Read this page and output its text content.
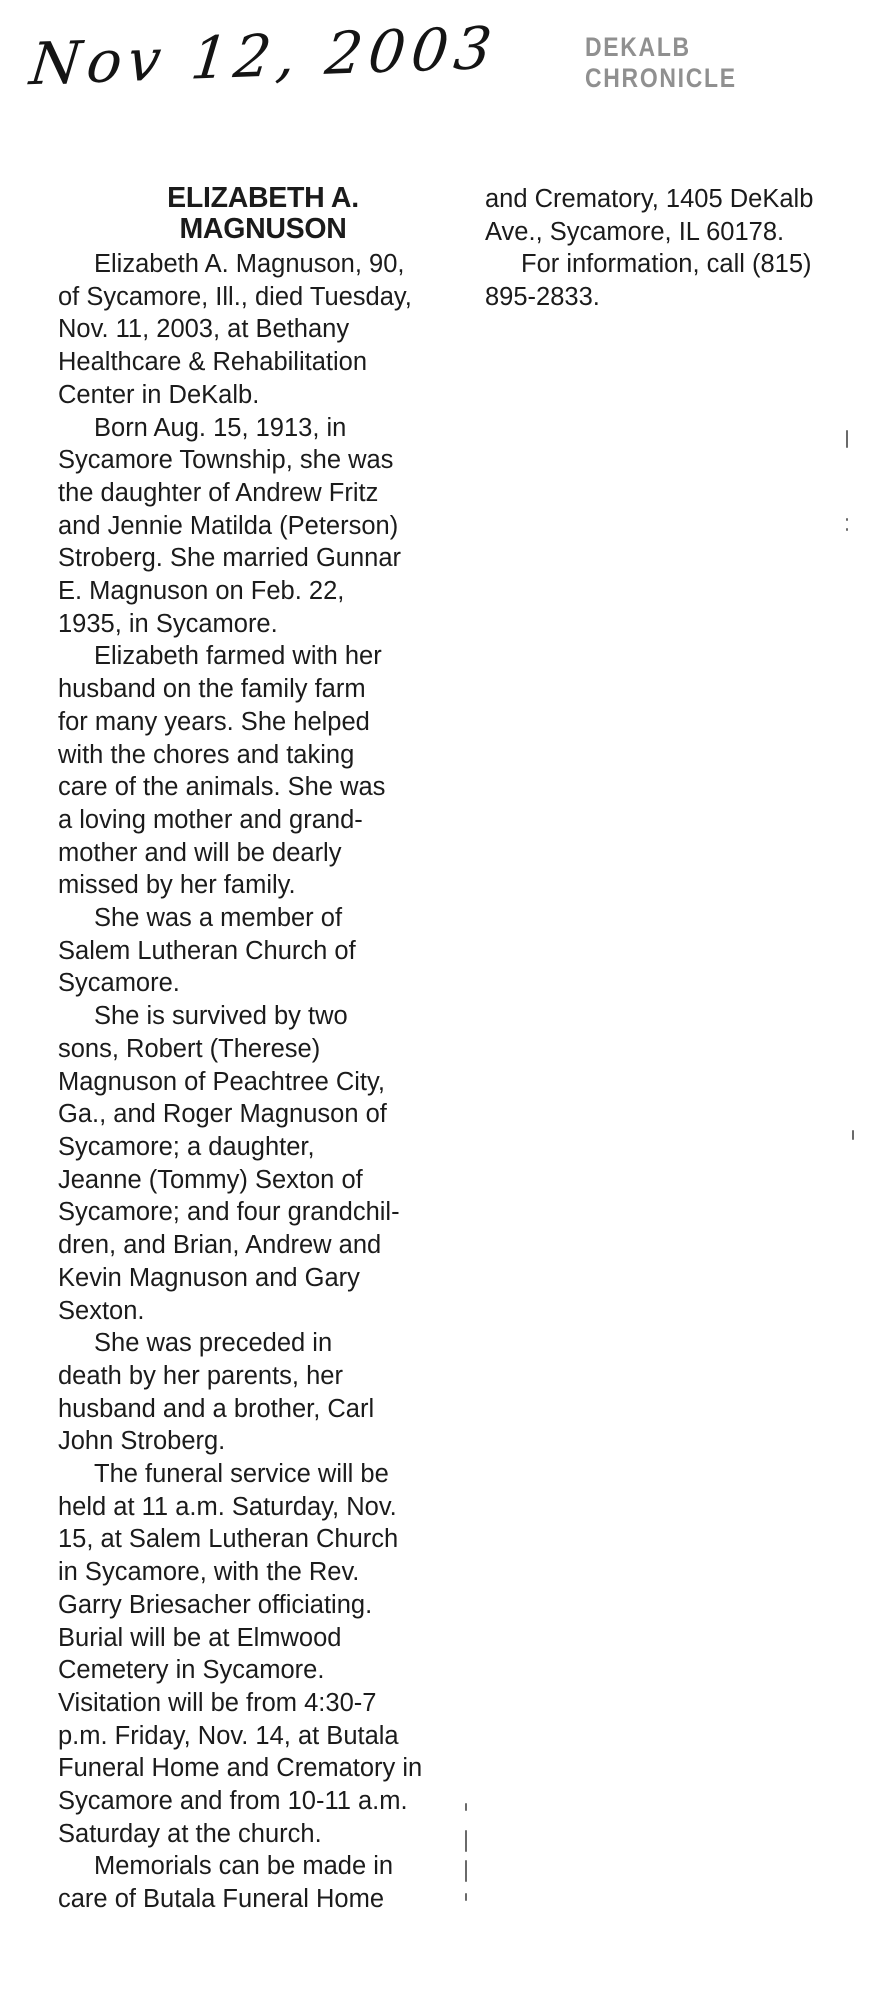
Nov 12, 2003	DEKALB CHRONICLE
ELIZABETH A.
MAGNUSON

Elizabeth A. Magnuson, 90,
of Sycamore, Ill., died Tuesday,
Nov. 11, 2003, at Bethany
Healthcare & Rehabilitation
Center in DeKalb.

Born Aug. 15, 1913, in
Sycamore Township, she was
the daughter of Andrew Fritz
and Jennie Matilda (Peterson)
Stroberg. She married Gunnar
E. Magnuson on Feb. 22,
1935, in Sycamore.

Elizabeth farmed with her
husband on the family farm
for many years. She helped
with the chores and taking
care of the animals. She was
a loving mother and grand-
mother and will be dearly
missed by her family.

She was a member of
Salem Lutheran Church of
Sycamore.

She is survived by two
sons, Robert (Therese)
Magnuson of Peachtree City,
Ga., and Roger Magnuson of
Sycamore; a daughter,
Jeanne (Tommy) Sexton of
Sycamore; and four grandchil-
dren, and Brian, Andrew and
Kevin Magnuson and Gary
Sexton.

She was preceded in
death by her parents, her
husband and a brother, Carl
John Stroberg.

The funeral service will be
held at 11 a.m. Saturday, Nov.
15, at Salem Lutheran Church
in Sycamore, with the Rev.
Garry Briesacher officiating.
Burial will be at Elmwood
Cemetery in Sycamore.
Visitation will be from 4:30-7
p.m. Friday, Nov. 14, at Butala
Funeral Home and Crematory in
Sycamore and from 10-11 a.m.
Saturday at the church.

Memorials can be made in
care of Butala Funeral Home

and Crematory, 1405 DeKalb
Ave., Sycamore, IL 60178.

For information, call (815)
895-2833.
